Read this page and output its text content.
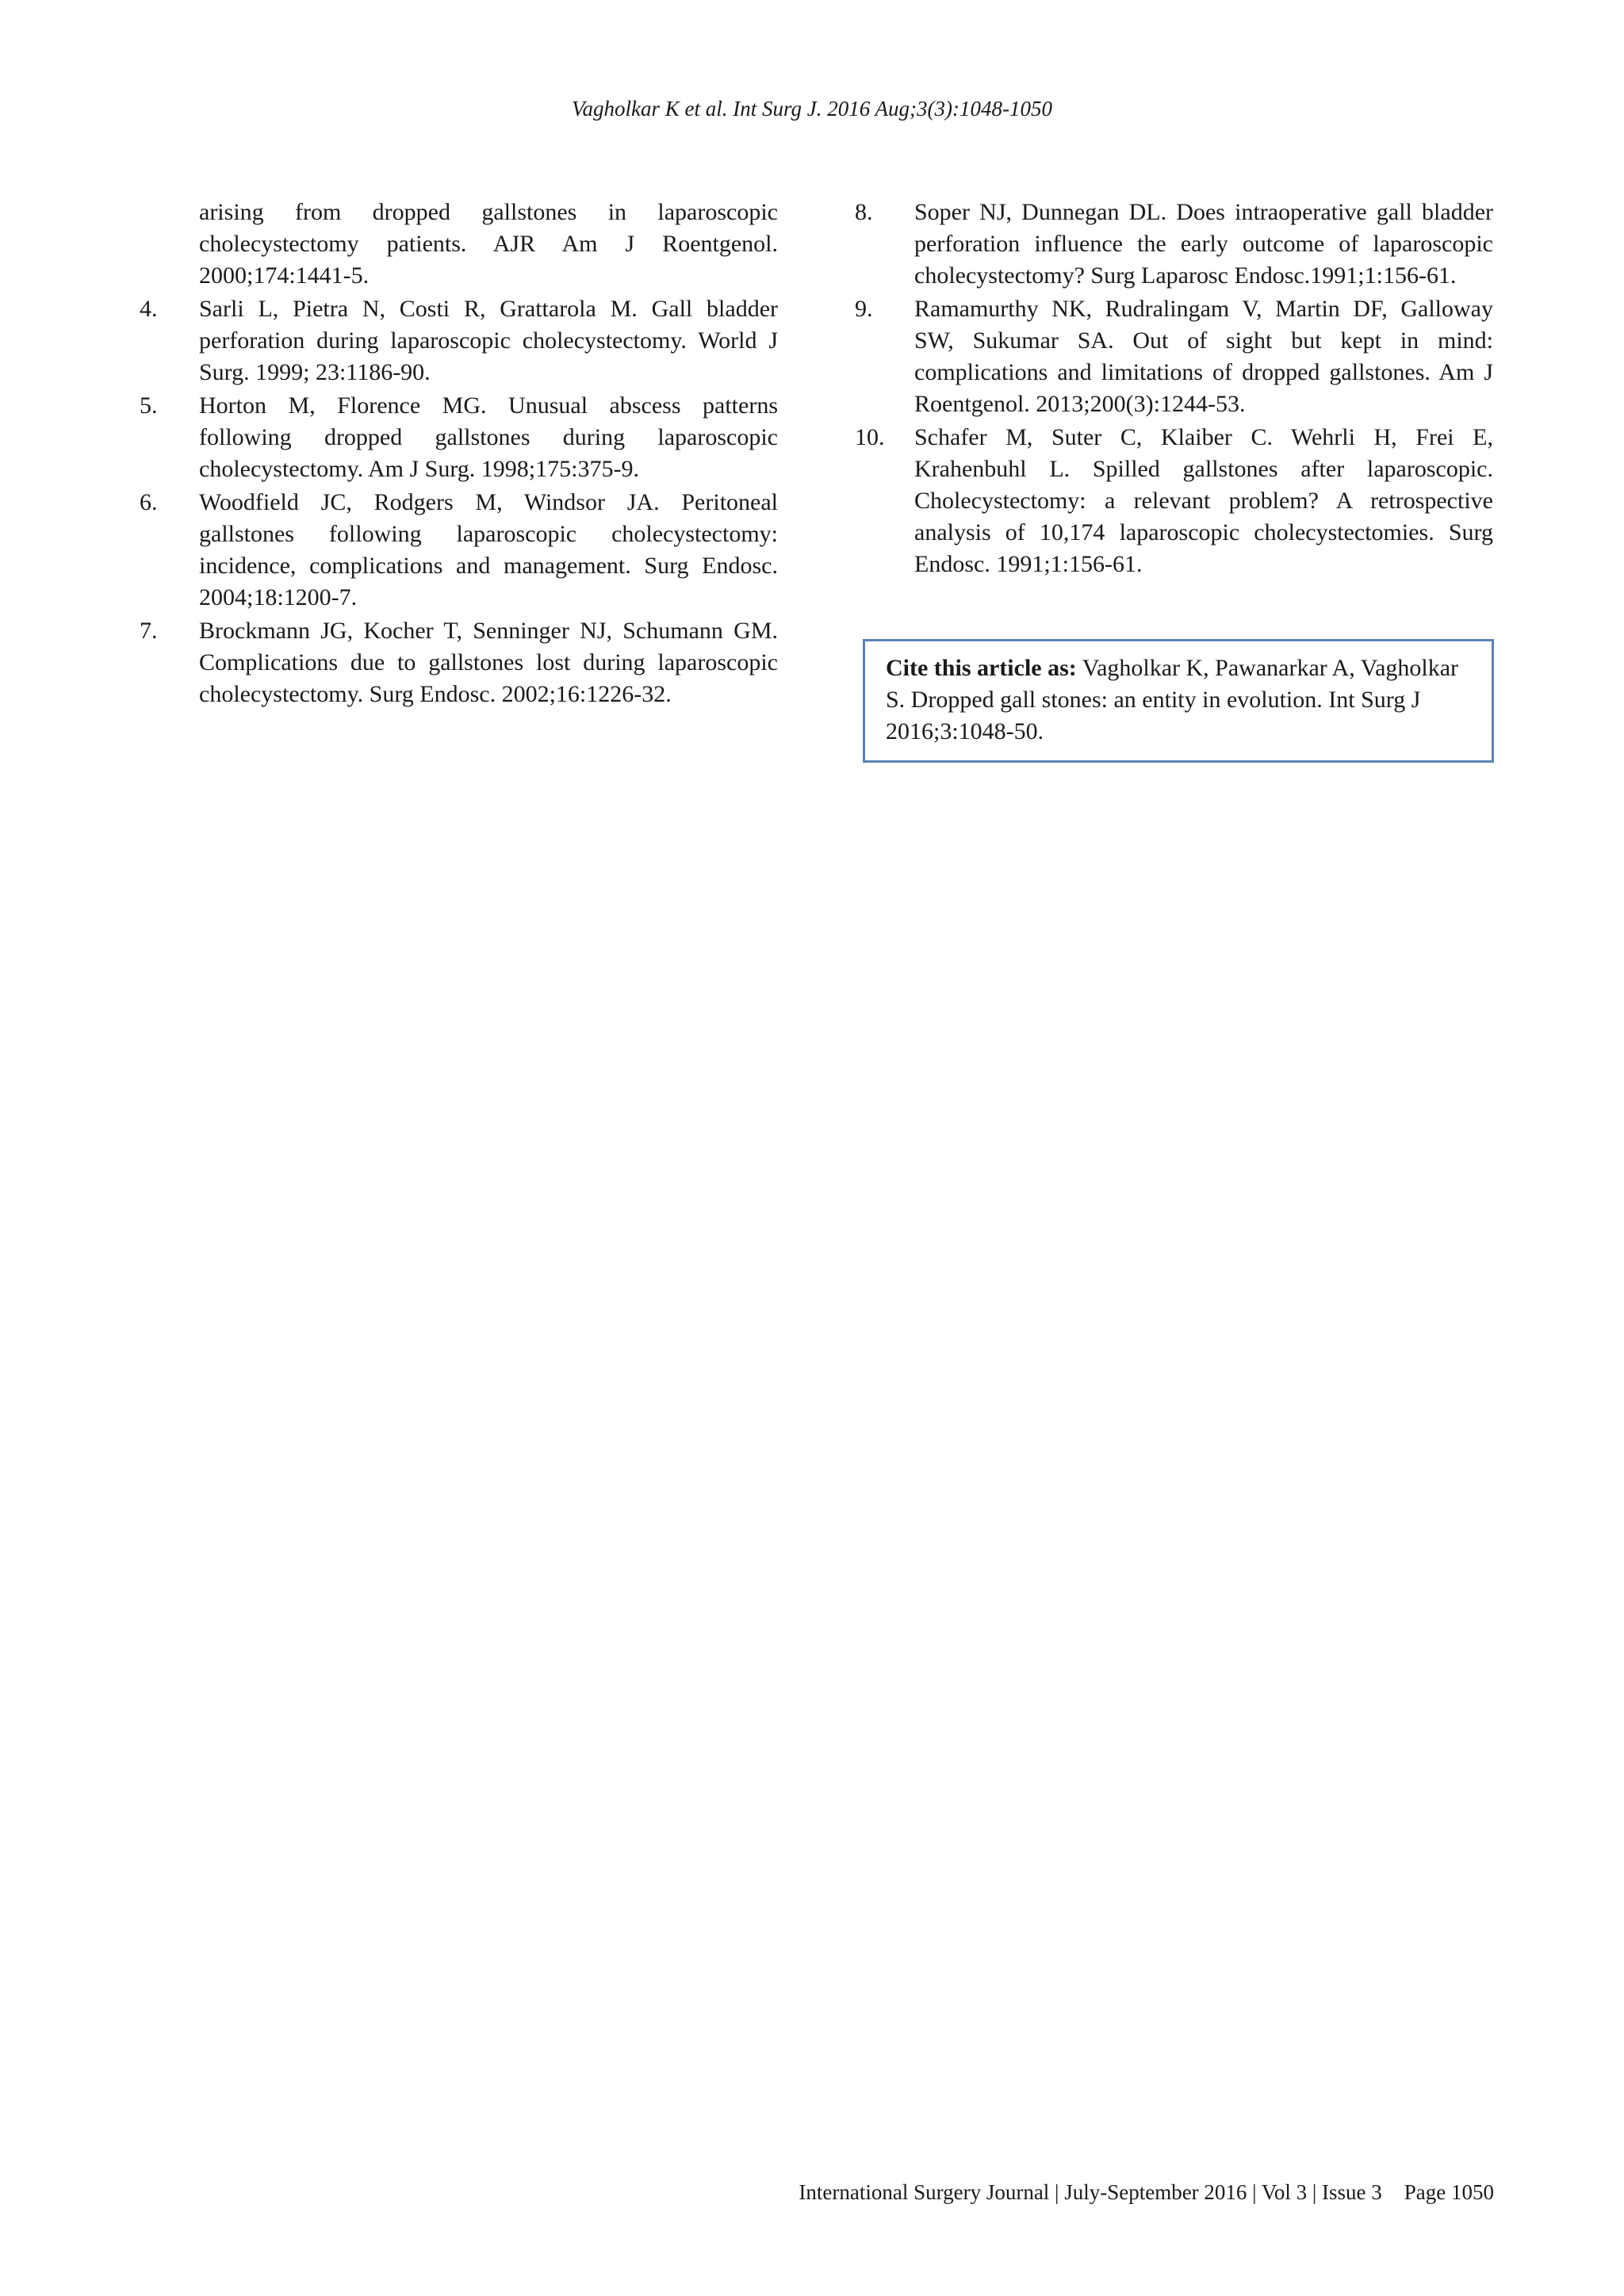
Vagholkar K et al. Int Surg J. 2016 Aug;3(3):1048-1050
arising from dropped gallstones in laparoscopic cholecystectomy patients. AJR Am J Roentgenol. 2000;174:1441-5.
4. Sarli L, Pietra N, Costi R, Grattarola M. Gall bladder perforation during laparoscopic cholecystectomy. World J Surg. 1999; 23:1186-90.
5. Horton M, Florence MG. Unusual abscess patterns following dropped gallstones during laparoscopic cholecystectomy. Am J Surg. 1998;175:375-9.
6. Woodfield JC, Rodgers M, Windsor JA. Peritoneal gallstones following laparoscopic cholecystectomy: incidence, complications and management. Surg Endosc. 2004;18:1200-7.
7. Brockmann JG, Kocher T, Senninger NJ, Schumann GM. Complications due to gallstones lost during laparoscopic cholecystectomy. Surg Endosc. 2002;16:1226-32.
8. Soper NJ, Dunnegan DL. Does intraoperative gall bladder perforation influence the early outcome of laparoscopic cholecystectomy? Surg Laparosc Endosc.1991;1:156-61.
9. Ramamurthy NK, Rudralingam V, Martin DF, Galloway SW, Sukumar SA. Out of sight but kept in mind: complications and limitations of dropped gallstones. Am J Roentgenol. 2013;200(3):1244-53.
10. Schafer M, Suter C, Klaiber C. Wehrli H, Frei E, Krahenbuhl L. Spilled gallstones after laparoscopic. Cholecystectomy: a relevant problem? A retrospective analysis of 10,174 laparoscopic cholecystectomies. Surg Endosc. 1991;1:156-61.
Cite this article as: Vagholkar K, Pawanarkar A, Vagholkar S. Dropped gall stones: an entity in evolution. Int Surg J 2016;3:1048-50.
International Surgery Journal | July-September 2016 | Vol 3 | Issue 3 Page 1050
